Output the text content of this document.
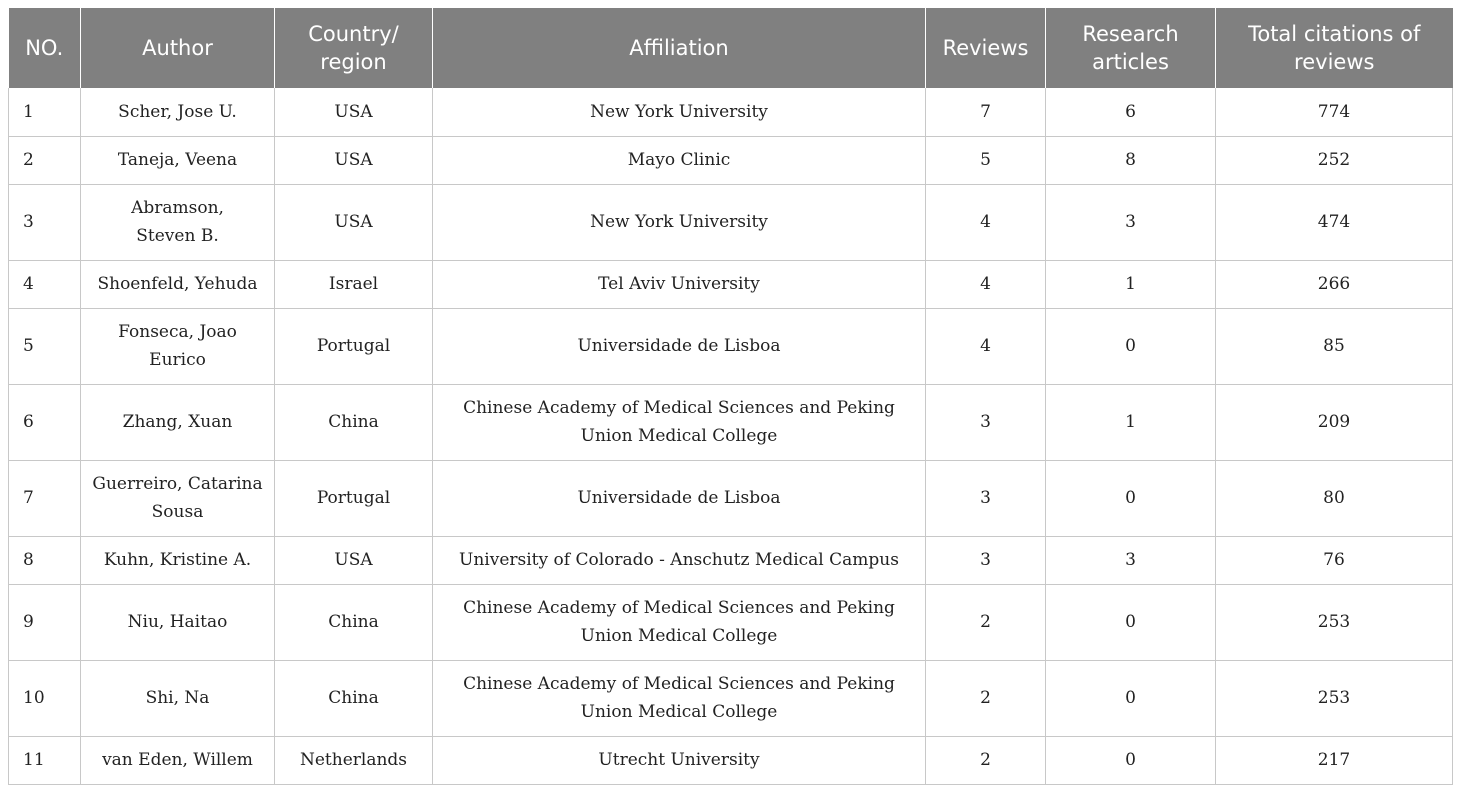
NO.	Author	Country/ region	Affiliation	Reviews	Research articles	Total citations of reviews
1	Scher, Jose U.	USA	New York University	7	6	774
2	Taneja, Veena	USA	Mayo Clinic	5	8	252
3	Abramson, Steven B.	USA	New York University	4	3	474
4	Shoenfeld, Yehuda	Israel	Tel Aviv University	4	1	266
5	Fonseca, Joao Eurico	Portugal	Universidade de Lisboa	4	0	85
6	Zhang, Xuan	China	Chinese Academy of Medical Sciences and Peking Union Medical College	3	1	209
7	Guerreiro, Catarina Sousa	Portugal	Universidade de Lisboa	3	0	80
8	Kuhn, Kristine A.	USA	University of Colorado - Anschutz Medical Campus	3	3	76
9	Niu, Haitao	China	Chinese Academy of Medical Sciences and Peking Union Medical College	2	0	253
10	Shi, Na	China	Chinese Academy of Medical Sciences and Peking Union Medical College	2	0	253
11	van Eden, Willem	Netherlands	Utrecht University	2	0	217
